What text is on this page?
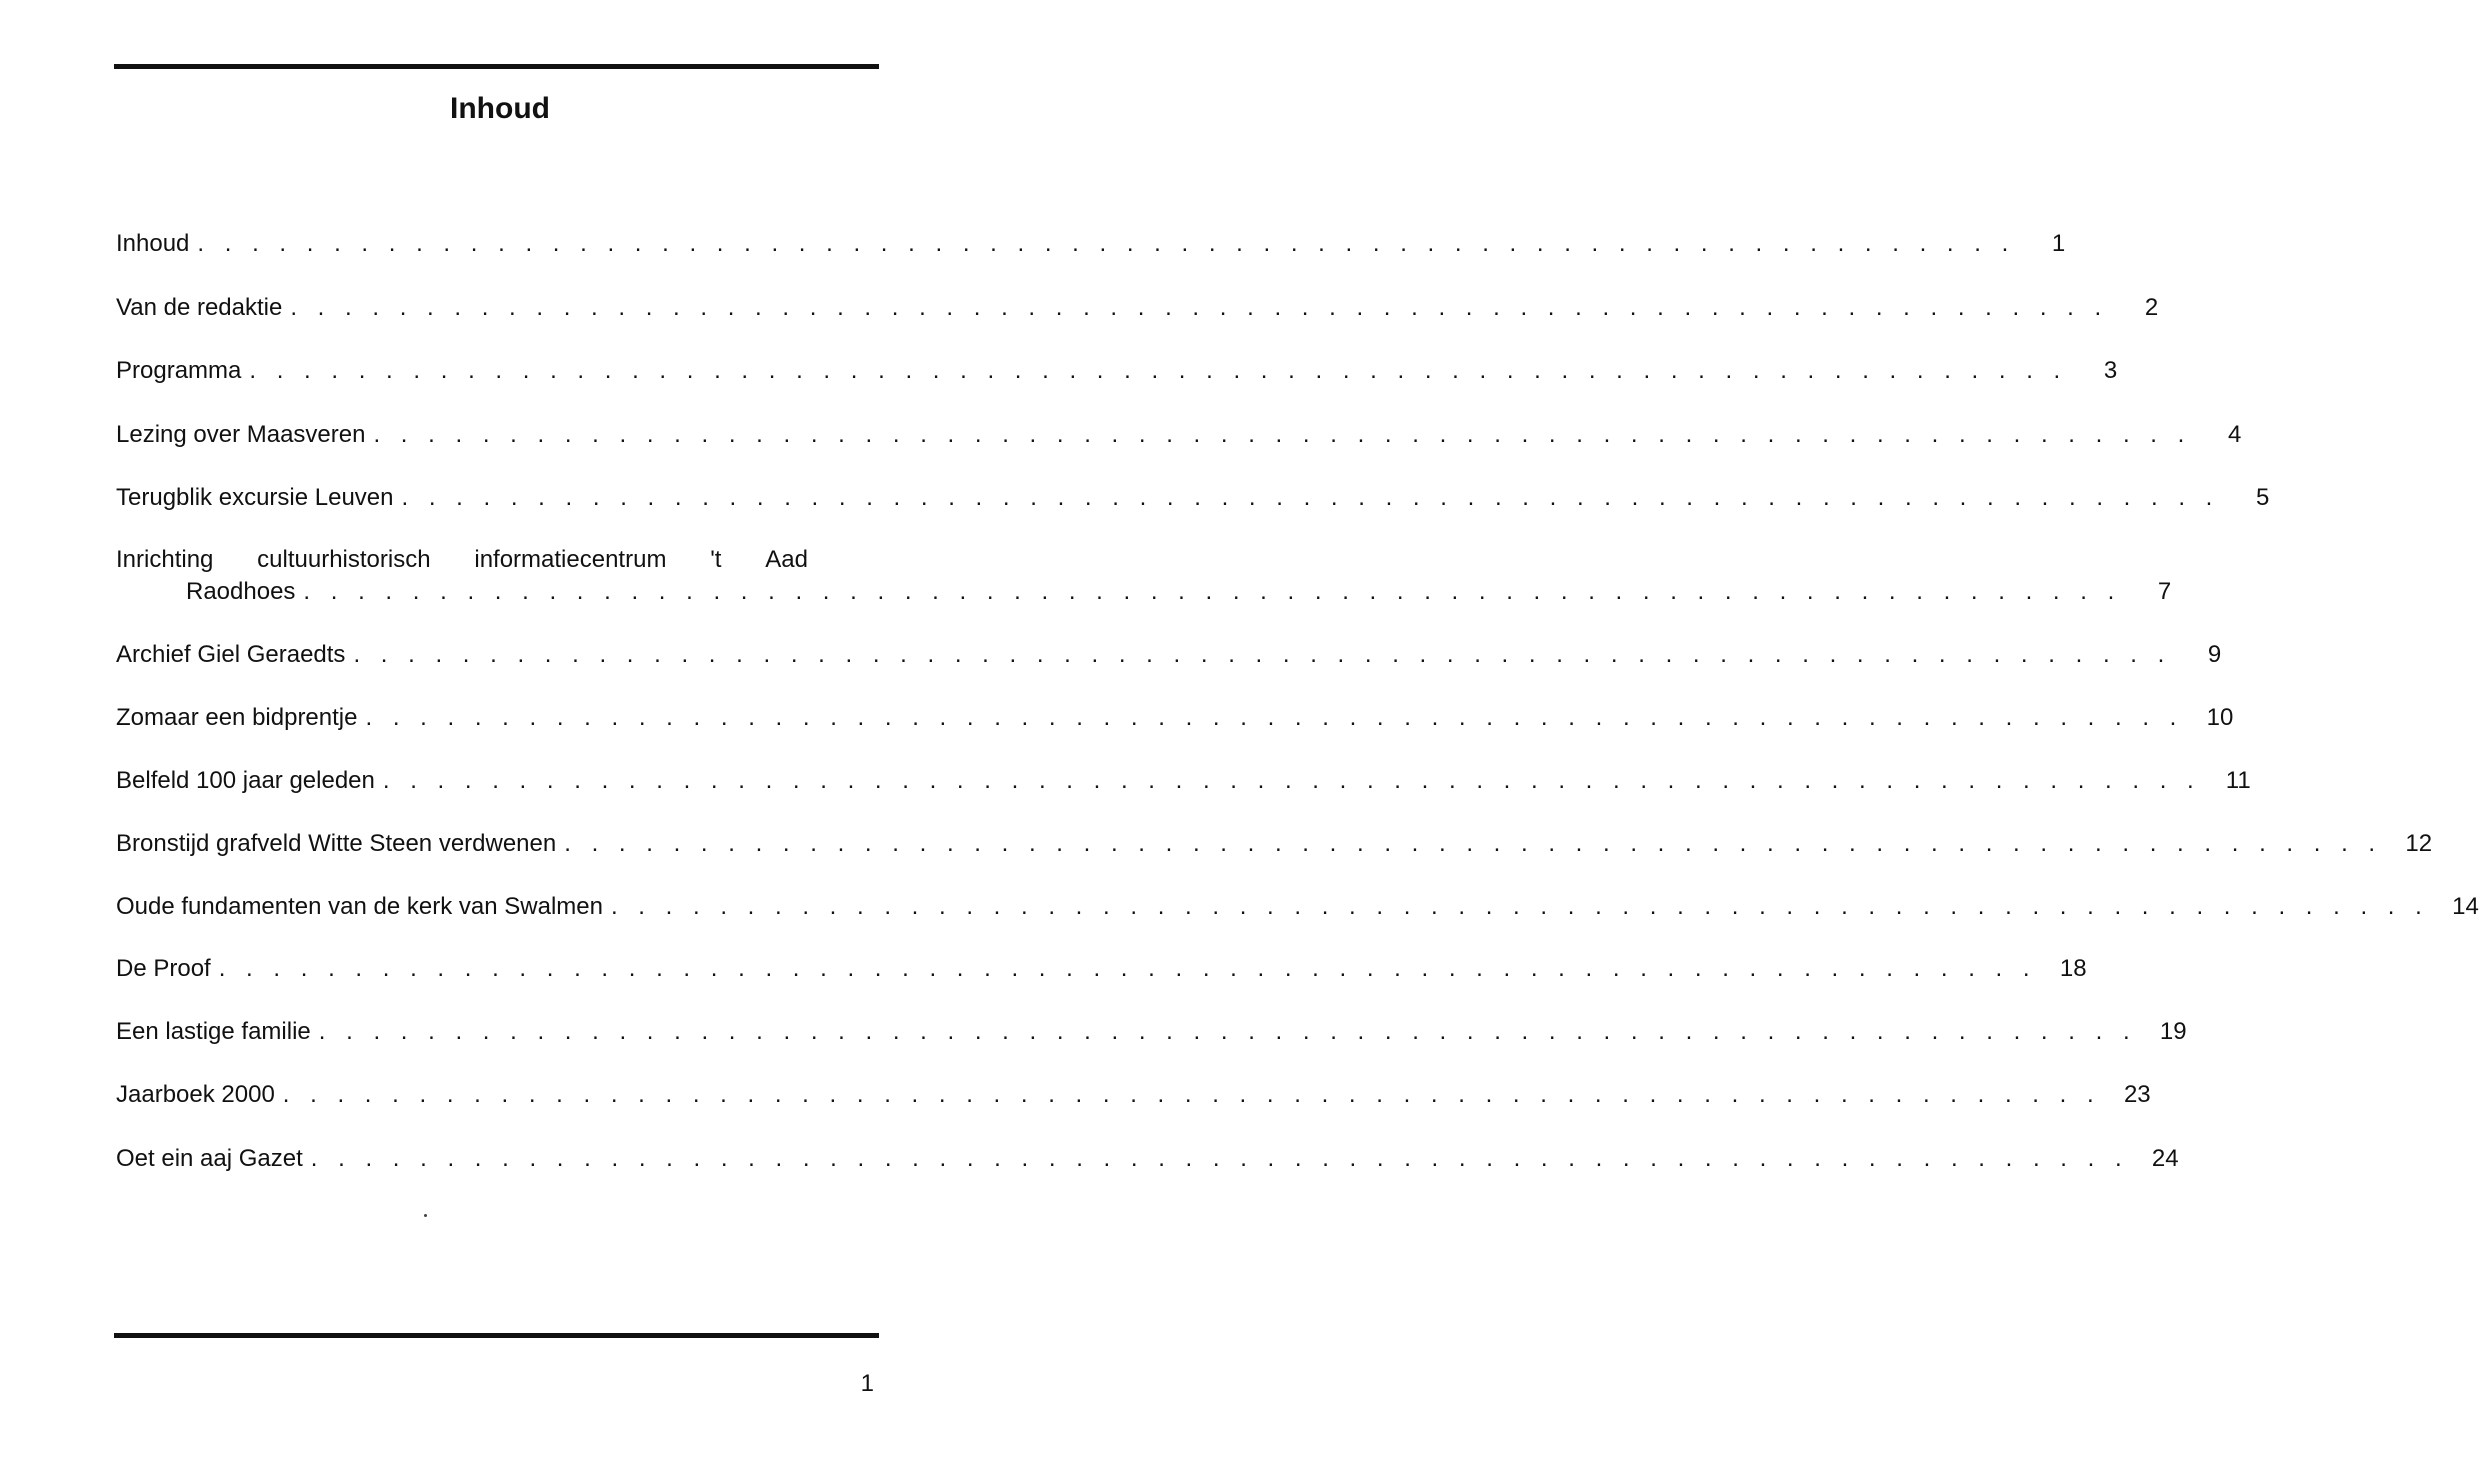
Inhoud
Inhoud . . . . . . . . . . . . . . . . . . . . . . . . . . . . . . . . . . . . . . . . . . . . . . . . . . . . . . . . . . . . . . . . . . .	1
Van de redaktie . . . . . . . . . . . . . . . . . . . . . . . . . . . . . . . . . . . . . . . . . . . . . . . . . . . . . . . . . . . . . . . . . . .	2
Programma . . . . . . . . . . . . . . . . . . . . . . . . . . . . . . . . . . . . . . . . . . . . . . . . . . . . . . . . . . . . . . . . . . .	3
Lezing over Maasveren . . . . . . . . . . . . . . . . . . . . . . . . . . . . . . . . . . . . . . . . . . . . . . . . . . . . . . . . . . . . . . . . . . .	4
Terugblik excursie Leuven . . . . . . . . . . . . . . . . . . . . . . . . . . . . . . . . . . . . . . . . . . . . . . . . . . . . . . . . . . . . . . . . . . .	5
Inrichting cultuurhistorisch informatiecentrum 't Aad
Raodhoes . . . . . . . . . . . . . . . . . . . . . . . . . . . . . . . . . . . . . . . . . . . . . . . . . . . . . . . . . . . . . . . . . . .	7
Archief Giel Geraedts . . . . . . . . . . . . . . . . . . . . . . . . . . . . . . . . . . . . . . . . . . . . . . . . . . . . . . . . . . . . . . . . . . .	9
Zomaar een bidprentje . . . . . . . . . . . . . . . . . . . . . . . . . . . . . . . . . . . . . . . . . . . . . . . . . . . . . . . . . . . . . . . . . . . 10
Belfeld 100 jaar geleden . . . . . . . . . . . . . . . . . . . . . . . . . . . . . . . . . . . . . . . . . . . . . . . . . . . . . . . . . . . . . . . . . . .	11
Bronstijd grafveld Witte Steen verdwenen . . . . . . . . . . . . . . . . . . . . . . . . . . . . . . . . . . . . . . . . . . . . . . . . . . . . . . . . . . . . . . . . . . . 12
Oude fundamenten van de kerk van Swalmen . . . . . . . . . . . . . . . . . . . . . . . . . . . . . . . . . . . . . . . . . . . . . . . . . . . . . . . . . . . . . . . . . . . 14
De Proof . . . . . . . . . . . . . . . . . . . . . . . . . . . . . . . . . . . . . . . . . . . . . . . . . . . . . . . . . . . . . . . . . . . 18
Een lastige familie . . . . . . . . . . . . . . . . . . . . . . . . . . . . . . . . . . . . . . . . . . . . . . . . . . . . . . . . . . . . . . . . . . . 19
Jaarboek 2000 . . . . . . . . . . . . . . . . . . . . . . . . . . . . . . . . . . . . . . . . . . . . . . . . . . . . . . . . . . . . . . . . . . . 23
Oet ein aaj Gazet . . . . . . . . . . . . . . . . . . . . . . . . . . . . . . . . . . . . . . . . . . . . . . . . . . . . . . . . . . . . . . . . . . . 24
1
